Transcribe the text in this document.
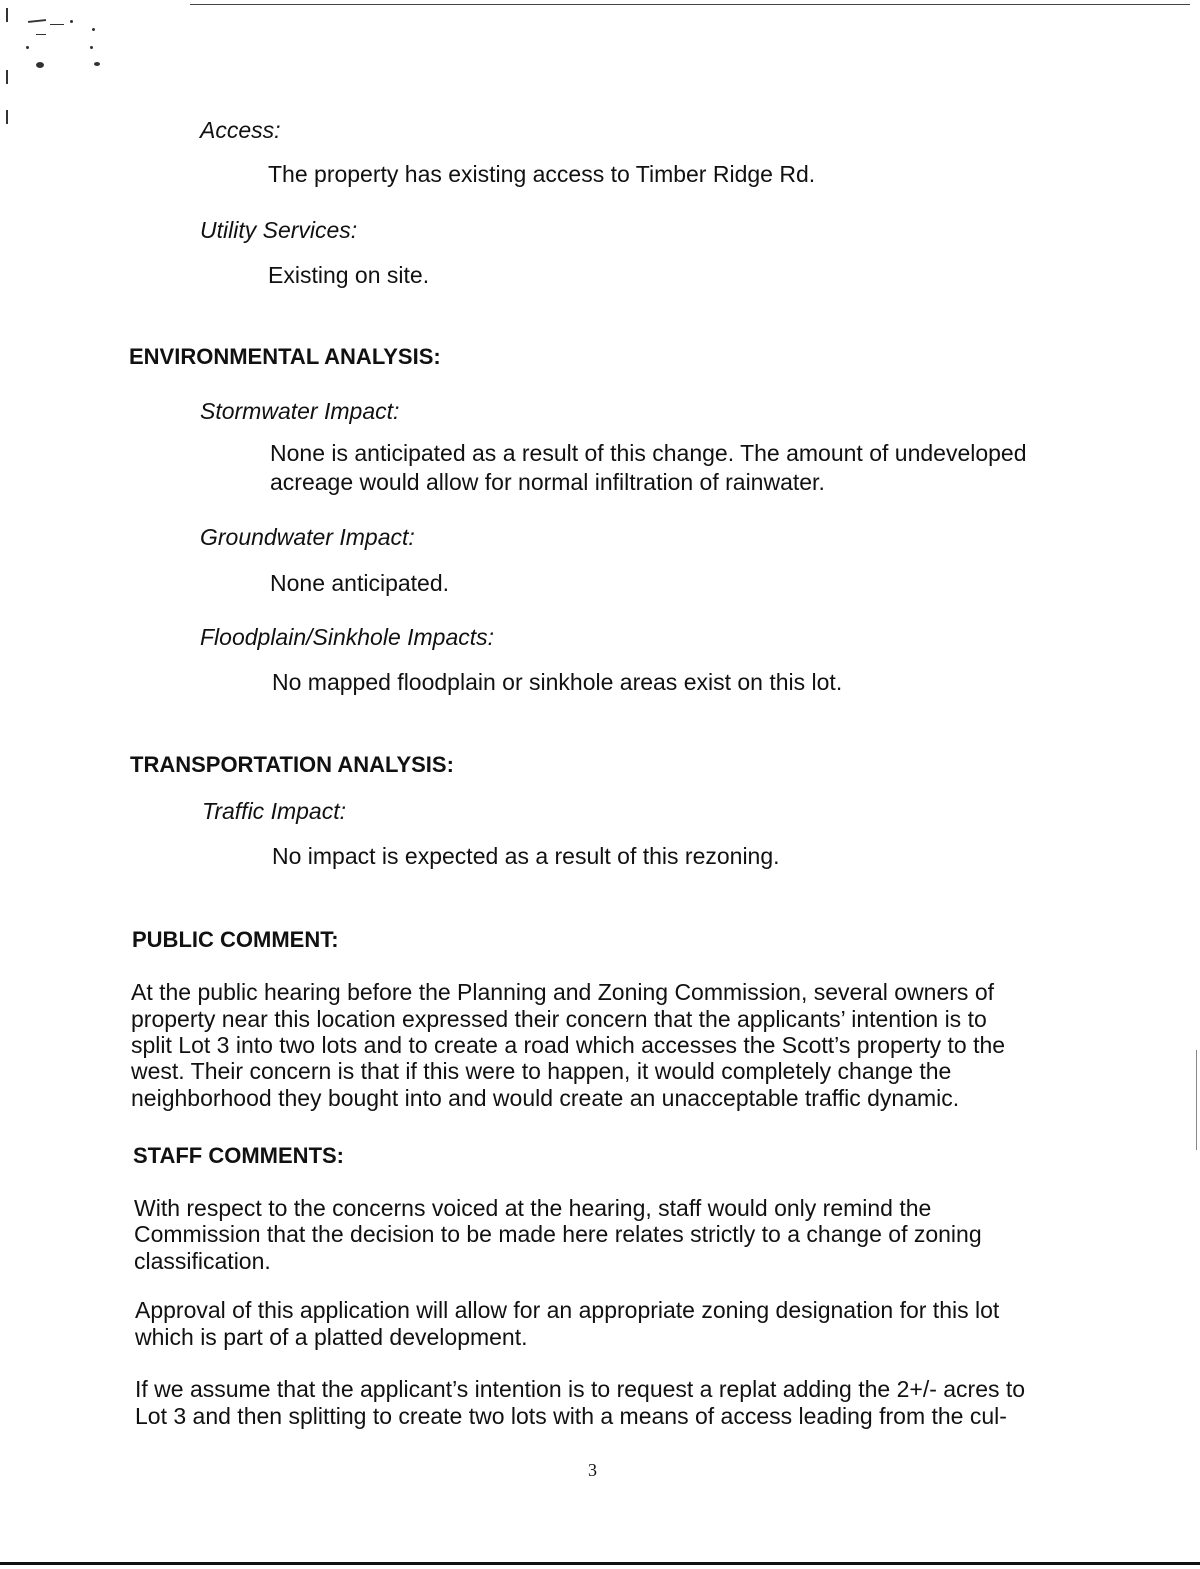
Access:
The property has existing access to Timber Ridge Rd.
Utility Services:
Existing on site.
ENVIRONMENTAL ANALYSIS:
Stormwater Impact:
None is anticipated as a result of this change. The amount of undeveloped
acreage would allow for normal infiltration of rainwater.
Groundwater Impact:
None anticipated.
Floodplain/Sinkhole Impacts:
No mapped floodplain or sinkhole areas exist on this lot.
TRANSPORTATION ANALYSIS:
Traffic Impact:
No impact is expected as a result of this rezoning.
PUBLIC COMMENT:
At the public hearing before the Planning and Zoning Commission, several owners of
property near this location expressed their concern that the applicants’ intention is to
split Lot 3 into two lots and to create a road which accesses the Scott’s property to the
west. Their concern is that if this were to happen, it would completely change the
neighborhood they bought into and would create an unacceptable traffic dynamic.
STAFF COMMENTS:
With respect to the concerns voiced at the hearing, staff would only remind the
Commission that the decision to be made here relates strictly to a change of zoning
classification.
Approval of this application will allow for an appropriate zoning designation for this lot
which is part of a platted development.
If we assume that the applicant’s intention is to request a replat adding the 2+/- acres to
Lot 3 and then splitting to create two lots with a means of access leading from the cul-
3
